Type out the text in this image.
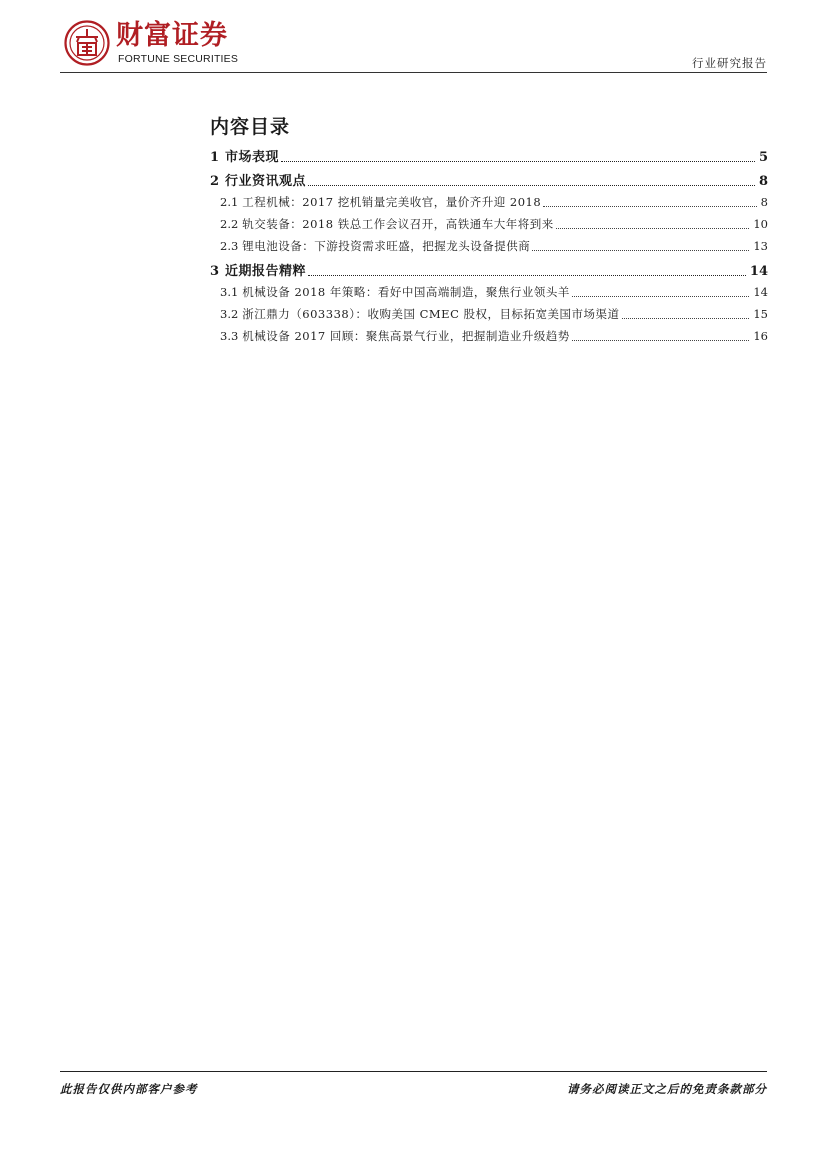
财富证券
FORTUNE SECURITIES	行业研究报告
内容目录
1 市场表现	5
2 行业资讯观点	8
2.1 工程机械：2017 挖机销量完美收官，量价齐升迎 2018	8
2.2 轨交装备：2018 铁总工作会议召开，高铁通车大年将到来	10
2.3 锂电池设备：下游投资需求旺盛，把握龙头设备提供商	13
3 近期报告精粹	14
3.1 机械设备 2018 年策略：看好中国高端制造，聚焦行业领头羊	14
3.2 浙江鼎力（603338）：收购美国 CMEC 股权，目标拓宽美国市场渠道	15
3.3 机械设备 2017 回顾：聚焦高景气行业，把握制造业升级趋势	16
此报告仅供内部客户参考	请务必阅读正文之后的免责条款部分
